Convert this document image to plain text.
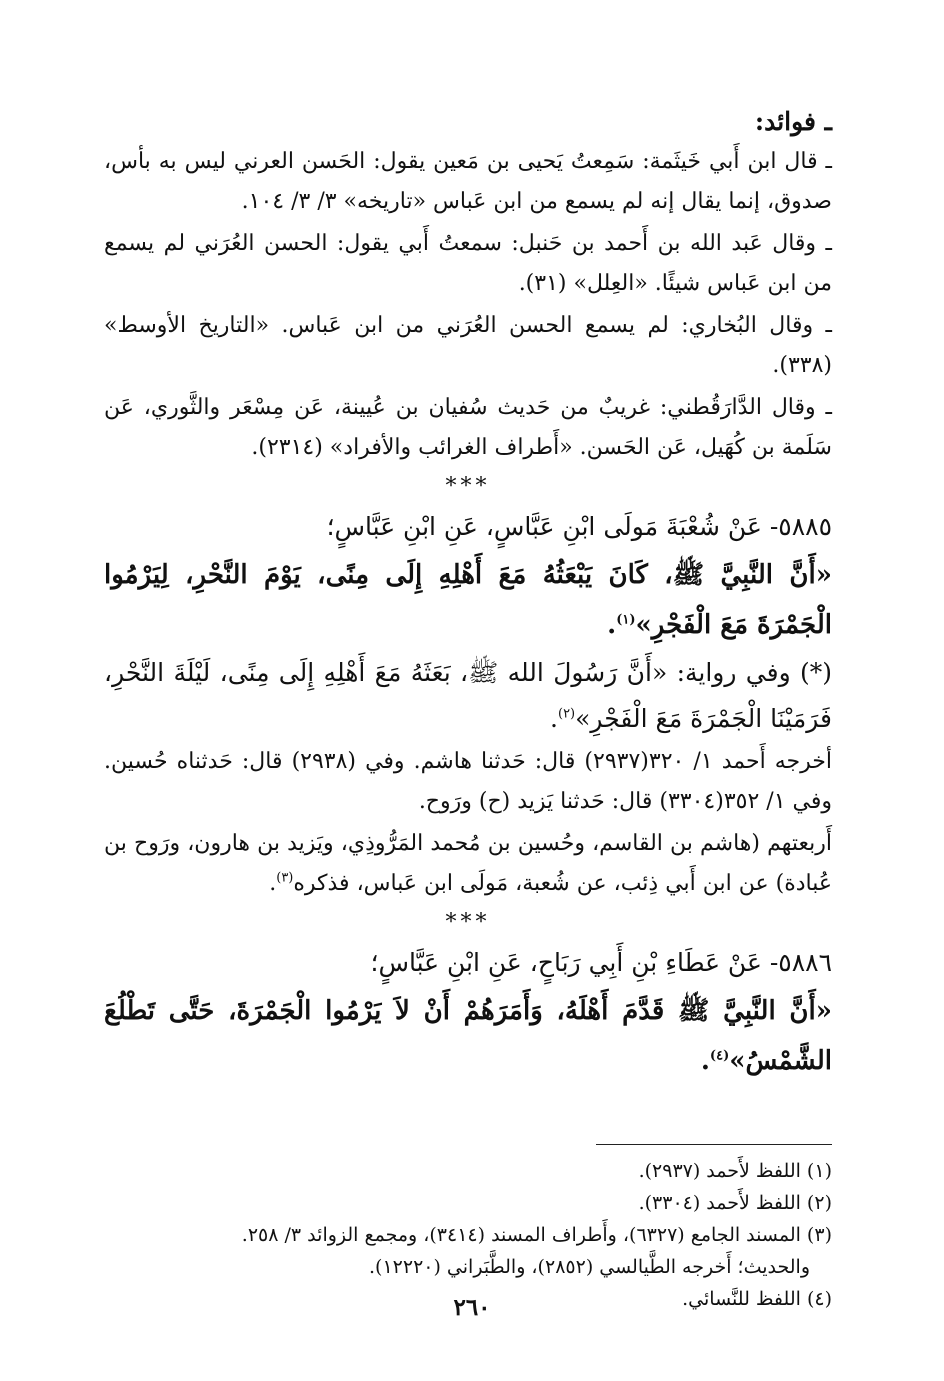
ـ فوائد:

ـ قال ابن أَبي خَيثَمة: سَمِعتُ يَحيى بن مَعين يقول: الحَسن العرني ليس به بأس، صدوق، إنما يقال إنه لم يسمع من ابن عَباس «تاريخه» ٣/ ٣/ ١٠٤.

ـ وقال عَبد الله بن أَحمد بن حَنبل: سمعتُ أَبي يقول: الحسن العُرَني لم يسمع من ابن عَباس شيئًا. «العِلل» (٣١).

ـ وقال البُخاري: لم يسمع الحسن العُرَني من ابن عَباس. «التاريخ الأوسط» (٣٣٨).

ـ وقال الدَّارَقُطني: غريبٌ من حَديث سُفيان بن عُيينة، عَن مِسْعَر والثَّوري، عَن سَلَمة بن كُهَيل، عَن الحَسن. «أَطراف الغرائب والأفراد» (٢٣١٤).

***

٥٨٨٥- عَنْ شُعْبَةَ مَولَى ابْنِ عَبَّاسٍ، عَنِ ابْنِ عَبَّاسٍ؛

«أَنَّ النَّبِيَّ ﷺ، كَانَ يَبْعَثُهُ مَعَ أَهْلِهِ إِلَى مِنًى، يَوْمَ النَّحْرِ، لِيَرْمُوا الْجَمْرَةَ مَعَ الْفَجْرِ»$^{(١)}$.

(*) وفي رواية: «أَنَّ رَسُولَ الله ﷺ، بَعَثَهُ مَعَ أَهْلِهِ إِلَى مِنًى، لَيْلَةَ النَّحْرِ، فَرَمَيْنَا الْجَمْرَةَ مَعَ الْفَجْرِ»$^{(٢)}$.

أخرجه أَحمد ١/ ٣٢٠(٢٩٣٧) قال: حَدثنا هاشم. وفي (٢٩٣٨) قال: حَدثناه حُسين. وفي ١/ ٣٥٢(٣٣٠٤) قال: حَدثنا يَزيد (ح) ورَوح.

أَربعتهم (هاشم بن القاسم، وحُسين بن مُحمد المَرُّوذِي، ويَزيد بن هارون، ورَوح بن عُبادة) عن ابن أَبي ذِئب، عن شُعبة، مَولَى ابن عَباس، فذكره$^{(٣)}$.

***

٥٨٨٦- عَنْ عَطَاءِ بْنِ أَبِي رَبَاحٍ، عَنِ ابْنِ عَبَّاسٍ؛

«أَنَّ النَّبِيَّ ﷺ قَدَّمَ أَهْلَهُ، وَأَمَرَهُمْ أَنْ لاَ يَرْمُوا الْجَمْرَةَ، حَتَّى تَطْلُعَ الشَّمْسُ»$^{(٤)}$.

(١) اللفظ لأَحمد (٢٩٣٧).

(٢) اللفظ لأَحمد (٣٣٠٤).

(٣) المسند الجامع (٦٣٢٧)، وأَطراف المسند (٣٤١٤)، ومجمع الزوائد ٣/ ٢٥٨.

والحديث؛ أَخرجه الطَّيالسي (٢٨٥٢)، والطَّبَراني (١٢٢٢٠).

(٤) اللفظ للنَّسائي.

٢٦٠
